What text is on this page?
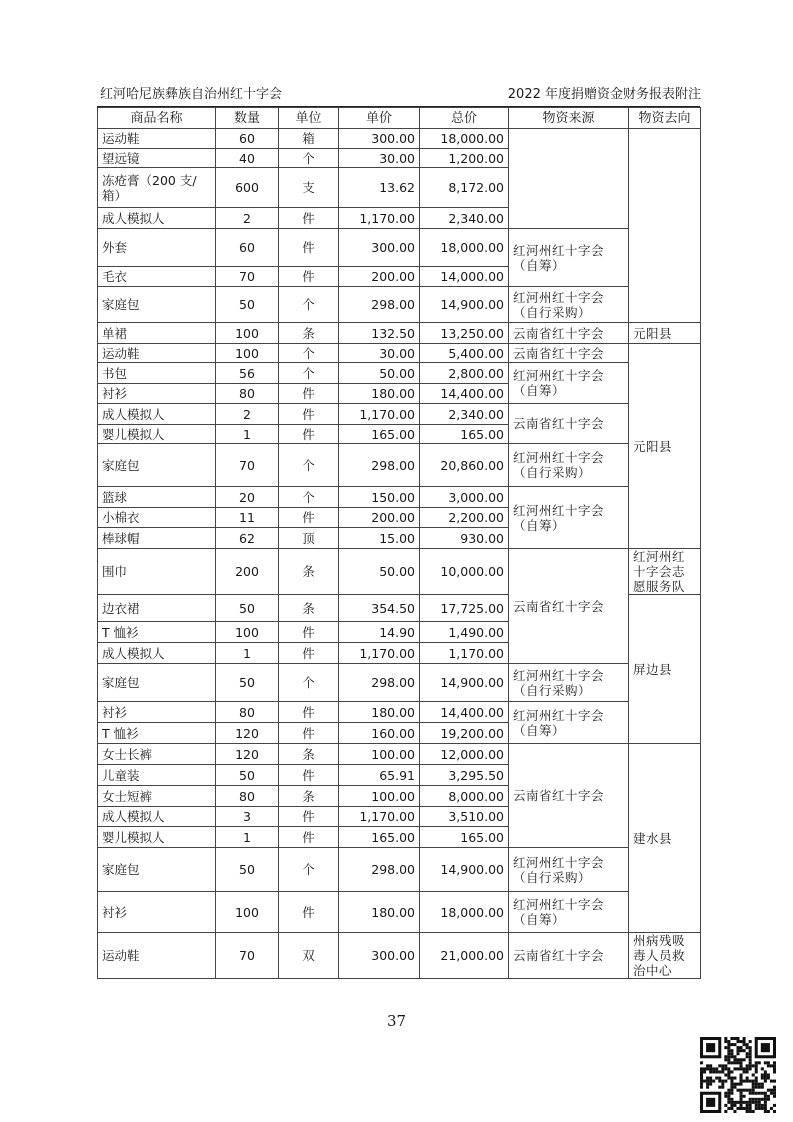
红河哈尼族彝族自治州红十字会	2022 年度捐赠资金财务报表附注
商品名称	数量	单位	单价	总价	物资来源	物资去向
运动鞋	60	箱	300.00	18,000.00		
望远镜	40	个	30.00	1,200.00		
冻疮膏（200 支/箱）	600	支	13.62	8,172.00		
成人模拟人	2	件	1,170.00	2,340.00		
外套	60	件	300.00	18,000.00	红河州红十字会（自筹）	
毛衣	70	件	200.00	14,000.00		
家庭包	50	个	298.00	14,900.00	红河州红十字会（自行采购）	
单裙	100	条	132.50	13,250.00	云南省红十字会	元阳县
运动鞋	100	个	30.00	5,400.00	云南省红十字会	元阳县
书包	56	个	50.00	2,800.00	红河州红十字会（自筹）	
衬衫	80	件	180.00	14,400.00		
成人模拟人	2	件	1,170.00	2,340.00	云南省红十字会	
婴儿模拟人	1	件	165.00	165.00		
家庭包	70	个	298.00	20,860.00	红河州红十字会（自行采购）	
篮球	20	个	150.00	3,000.00	红河州红十字会（自筹）	
小棉衣	11	件	200.00	2,200.00		
棒球帽	62	顶	15.00	930.00		
围巾	200	条	50.00	10,000.00	云南省红十字会	红河州红十字会志愿服务队
边衣裙	50	条	354.50	17,725.00		屏边县
T 恤衫	100	件	14.90	1,490.00		
成人模拟人	1	件	1,170.00	1,170.00		
家庭包	50	个	298.00	14,900.00	红河州红十字会（自行采购）	
衬衫	80	件	180.00	14,400.00	红河州红十字会（自筹）	
T 恤衫	120	件	160.00	19,200.00		
女士长裤	120	条	100.00	12,000.00	云南省红十字会	建水县
儿童装	50	件	65.91	3,295.50		
女士短裤	80	条	100.00	8,000.00		
成人模拟人	3	件	1,170.00	3,510.00		
婴儿模拟人	1	件	165.00	165.00		
家庭包	50	个	298.00	14,900.00	红河州红十字会（自行采购）	
衬衫	100	件	180.00	18,000.00	红河州红十字会（自筹）	
运动鞋	70	双	300.00	21,000.00	云南省红十字会	州病残吸毒人员救治中心
37
